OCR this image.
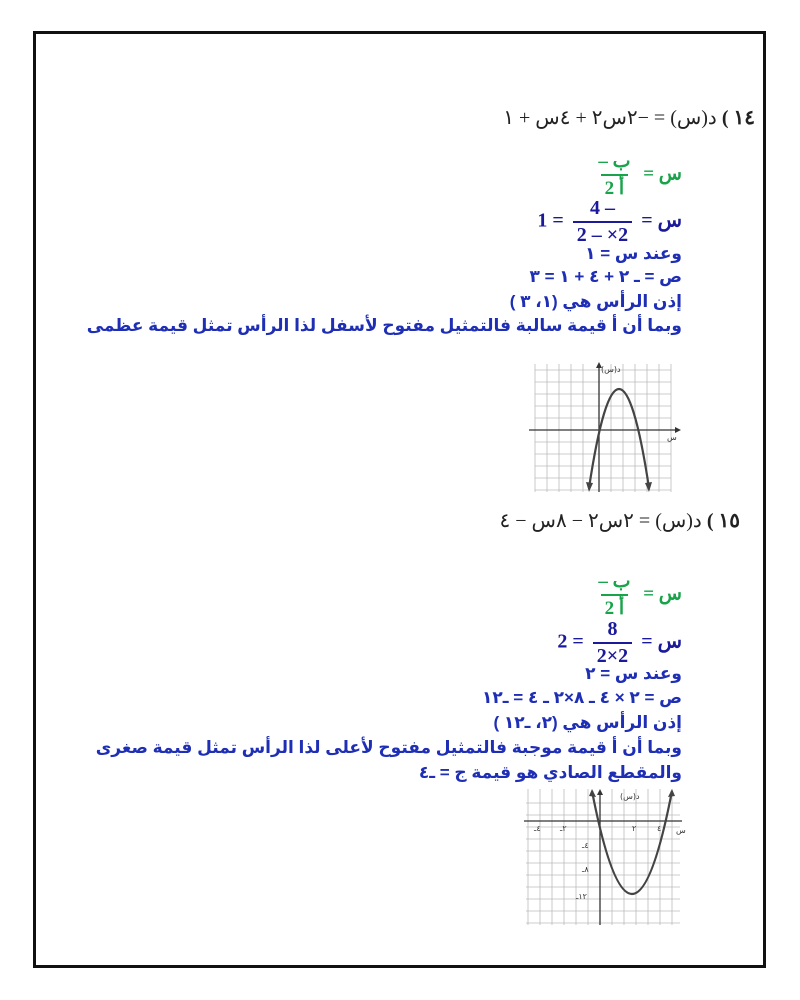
١٤ ) د(س) = −٢س٢ + ٤س + ١
س =
$\frac{\text{– ب}}{\text{2 أ}}$
س =
$\frac{4 -}{2 - \times 2}$
= 1
وعند س = ١
ص = ـ ٢ + ٤ + ١ = ٣
إذن الرأس هي (١، ٣ )
وبما أن أ قيمة سالبة فالتمثيل مفتوح لأسفل لذا الرأس تمثل قيمة عظمى
د(س)
س
١٥ ) د(س) = ٢س٢ − ٨س − ٤
س =
$\frac{\text{– ب}}{\text{2 أ}}$
س =
$\frac{8}{2\times 2}$
= 2
وعند س = ٢
ص = ٢ × ٤ ـ ٨×٢ ـ ٤ = ـ١٢
إذن الرأس هي (٢، ـ١٢ )
وبما أن أ قيمة موجبة فالتمثيل مفتوح لأعلى لذا الرأس تمثل قيمة صغرى
والمقطع الصادي هو قيمة ج = ـ٤
د(س)
س
٤ـ ٢ـ	٢	٤
٤ـ
٨ـ
١٢ـ
